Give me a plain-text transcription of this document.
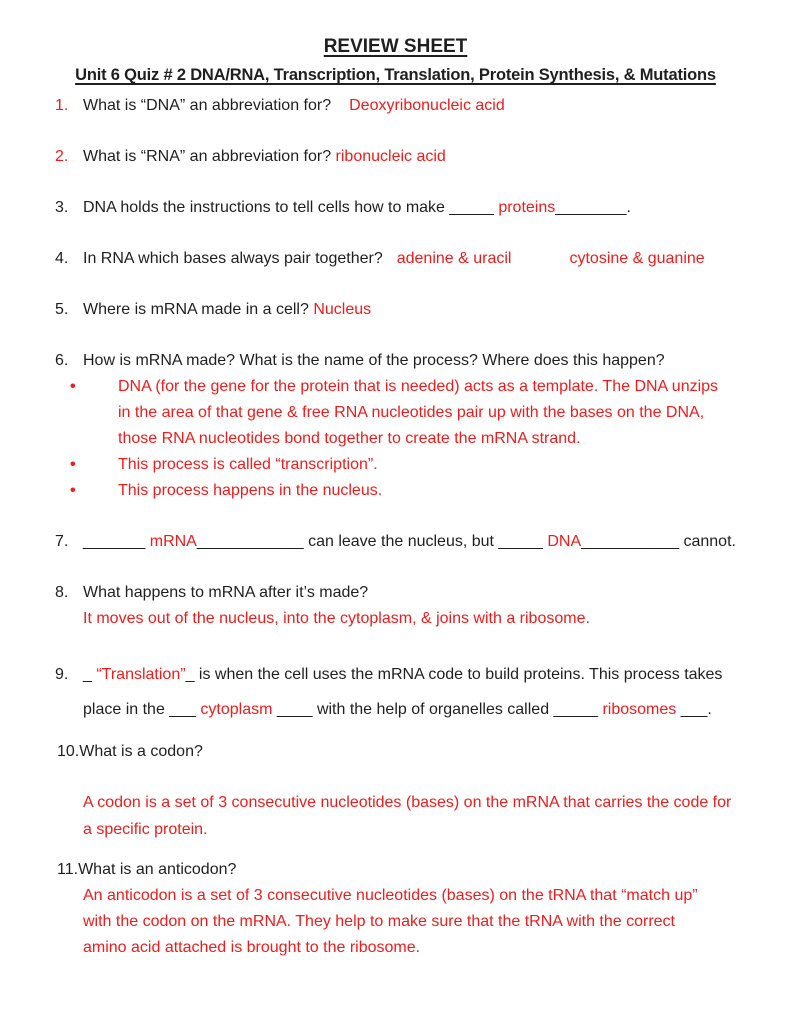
REVIEW SHEET
Unit 6 Quiz # 2 DNA/RNA, Transcription, Translation, Protein Synthesis, & Mutations
1. What is “DNA” an abbreviation for? Deoxyribonucleic acid
2. What is “RNA” an abbreviation for? ribonucleic acid
3. DNA holds the instructions to tell cells how to make _____ proteins________.
4. In RNA which bases always pair together? adenine & uracil	cytosine & guanine
5. Where is mRNA made in a cell? Nucleus
6. How is mRNA made? What is the name of the process? Where does this happen?
• DNA (for the gene for the protein that is needed) acts as a template. The DNA unzips
in the area of that gene & free RNA nucleotides pair up with the bases on the DNA,
those RNA nucleotides bond together to create the mRNA strand.
• This process is called “transcription”.
• This process happens in the nucleus.
7. _______ mRNA____________ can leave the nucleus, but _____ DNA___________ cannot.
8. What happens to mRNA after it’s made?
It moves out of the nucleus, into the cytoplasm, & joins with a ribosome.
9. _ “Translation”_ is when the cell uses the mRNA code to build proteins. This process takes
place in the ___ cytoplasm ____ with the help of organelles called _____ ribosomes ___.
10.What is a codon?
A codon is a set of 3 consecutive nucleotides (bases) on the mRNA that carries the code for
a specific protein.
11.What is an anticodon?
An anticodon is a set of 3 consecutive nucleotides (bases) on the tRNA that “match up”
with the codon on the mRNA. They help to make sure that the tRNA with the correct
amino acid attached is brought to the ribosome.
